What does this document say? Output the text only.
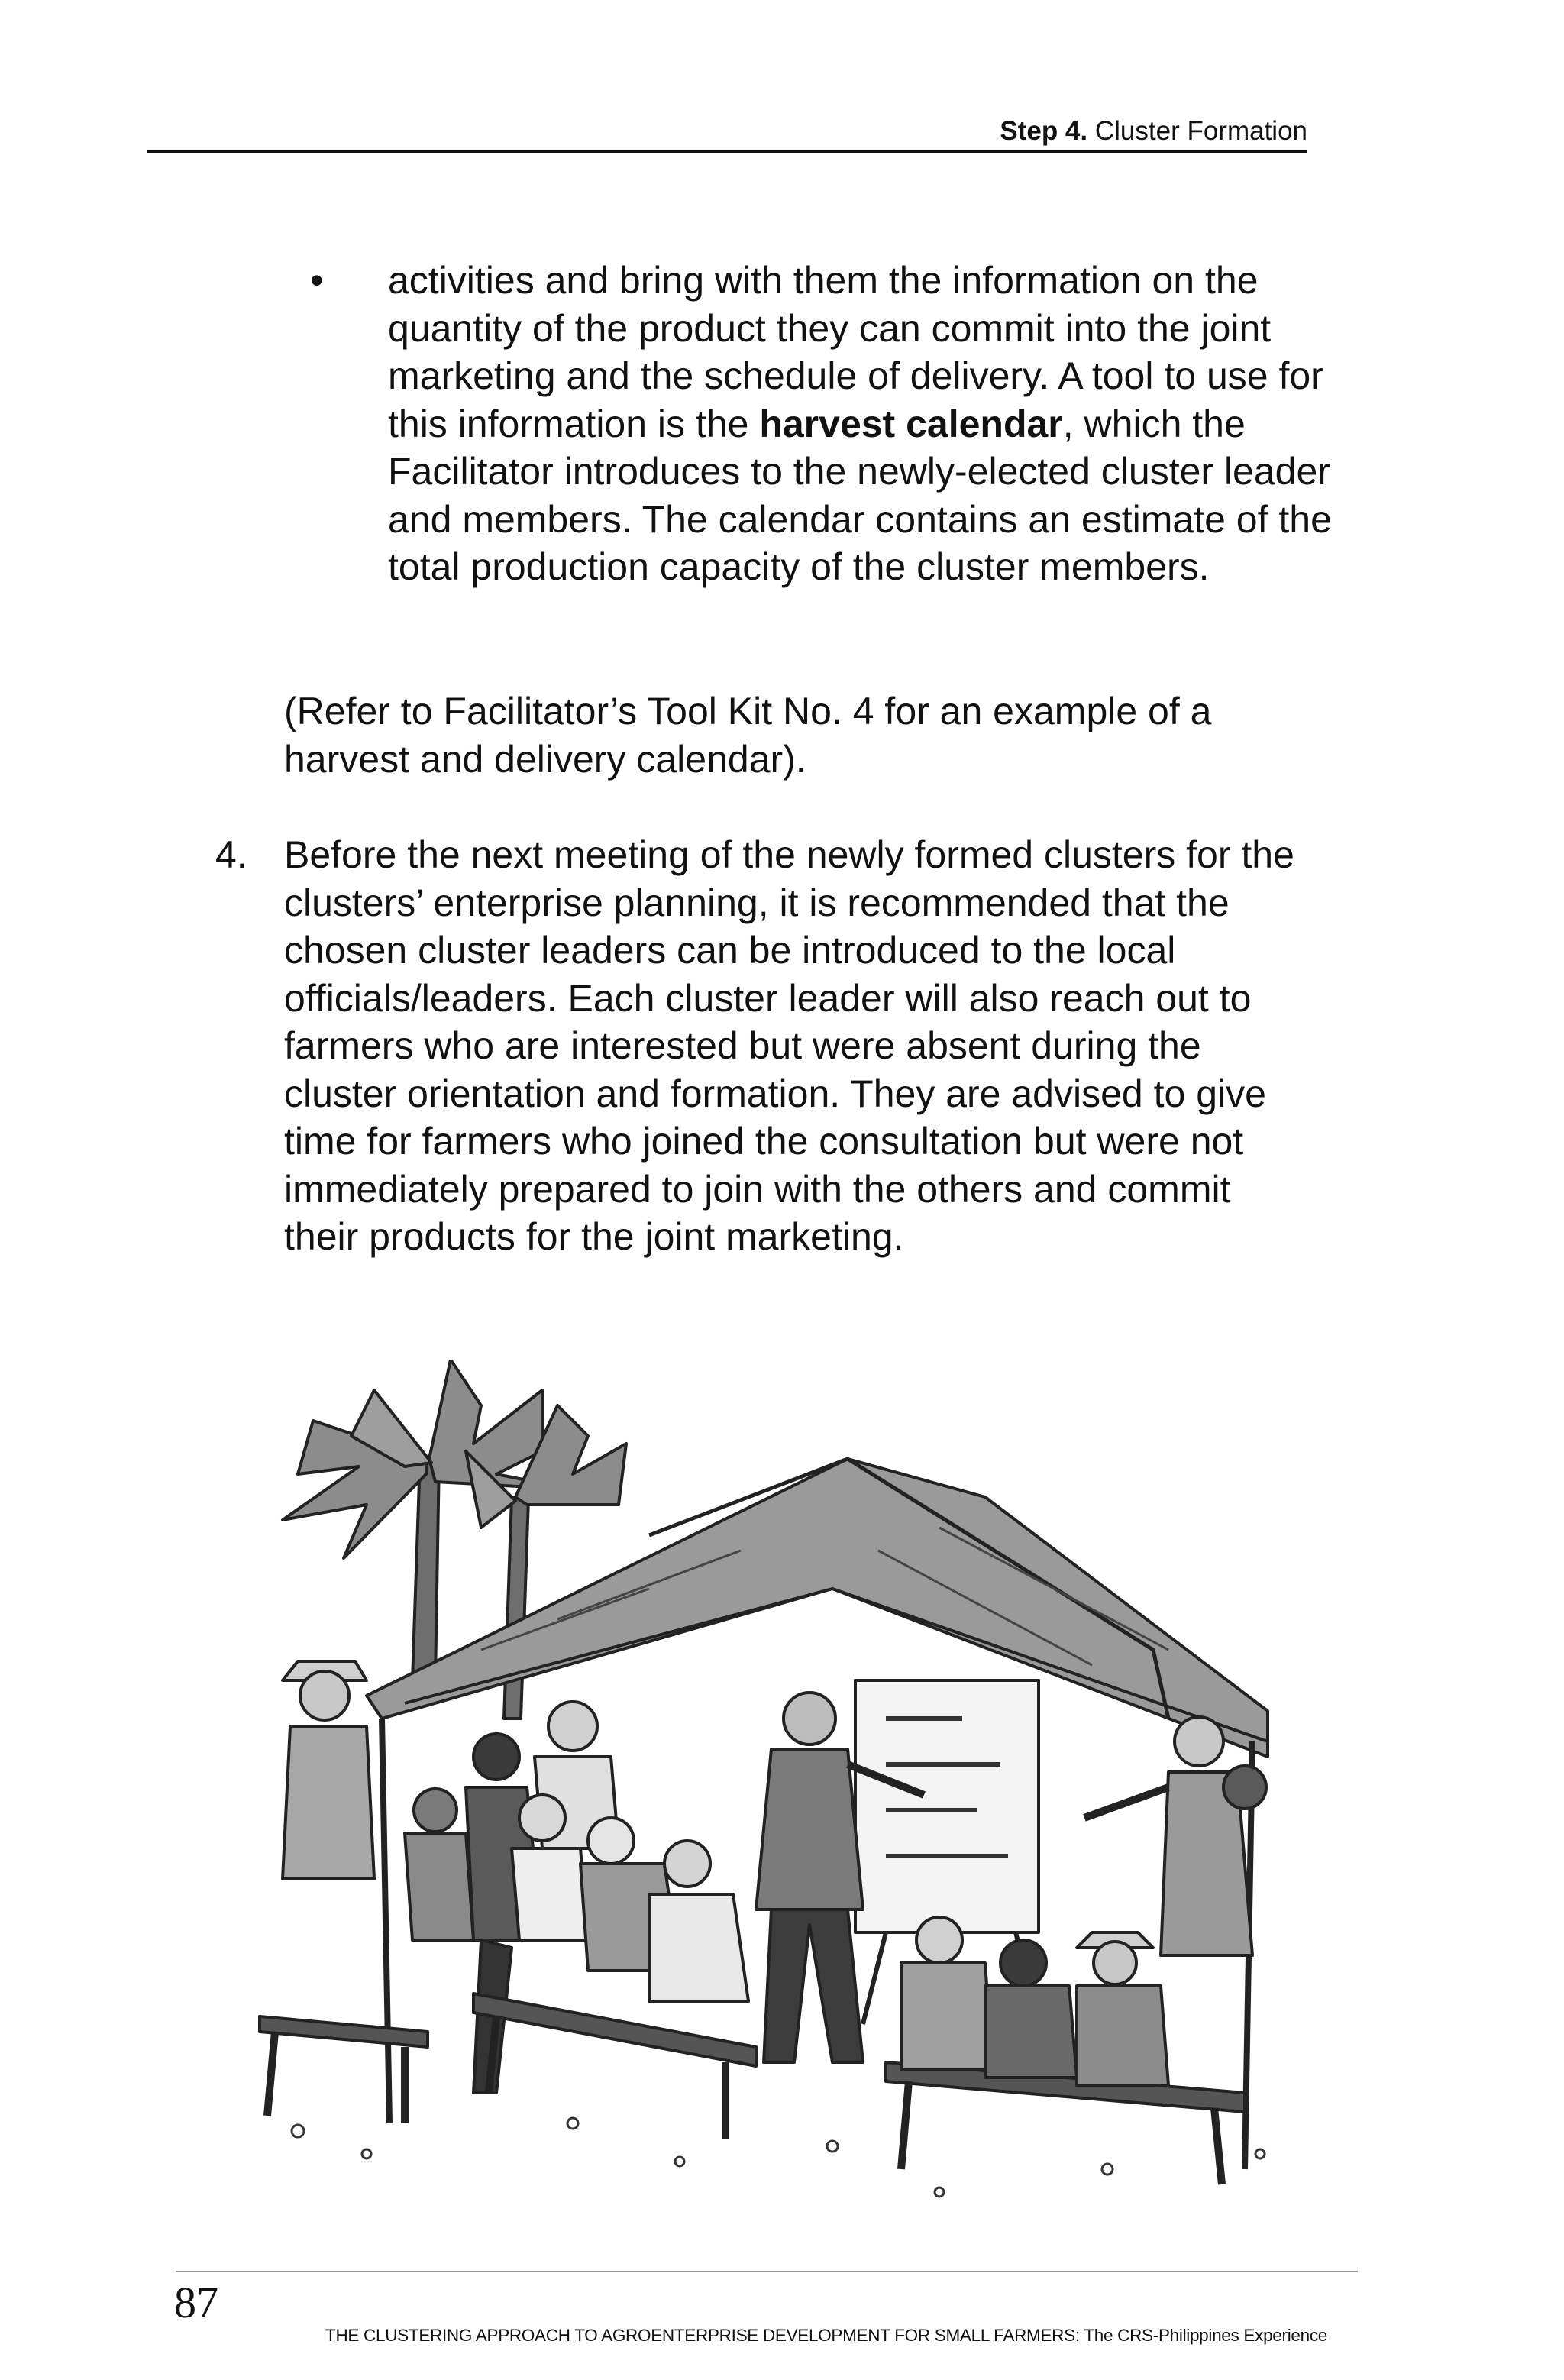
Step 4. Cluster Formation
• activities and bring with them the information on the quantity of the product they can commit into the joint marketing and the schedule of delivery. A tool to use for this information is the harvest calendar, which the Facilitator introduces to the newly-elected cluster leader and members. The calendar contains an estimate of the total production capacity of the cluster members.

(Refer to Facilitator’s Tool Kit No. 4 for an example of a harvest and delivery calendar).

4. Before the next meeting of the newly formed clusters for the clusters’ enterprise planning, it is recommended that the chosen cluster leaders can be introduced to the local officials/leaders. Each cluster leader will also reach out to farmers who are interested but were absent during the cluster orientation and formation. They are advised to give time for farmers who joined the consultation but were not immediately prepared to join with the others and commit their products for the joint marketing.

87
THE CLUSTERING APPROACH TO AGROENTERPRISE DEVELOPMENT FOR SMALL FARMERS: The CRS-Philippines Experience
